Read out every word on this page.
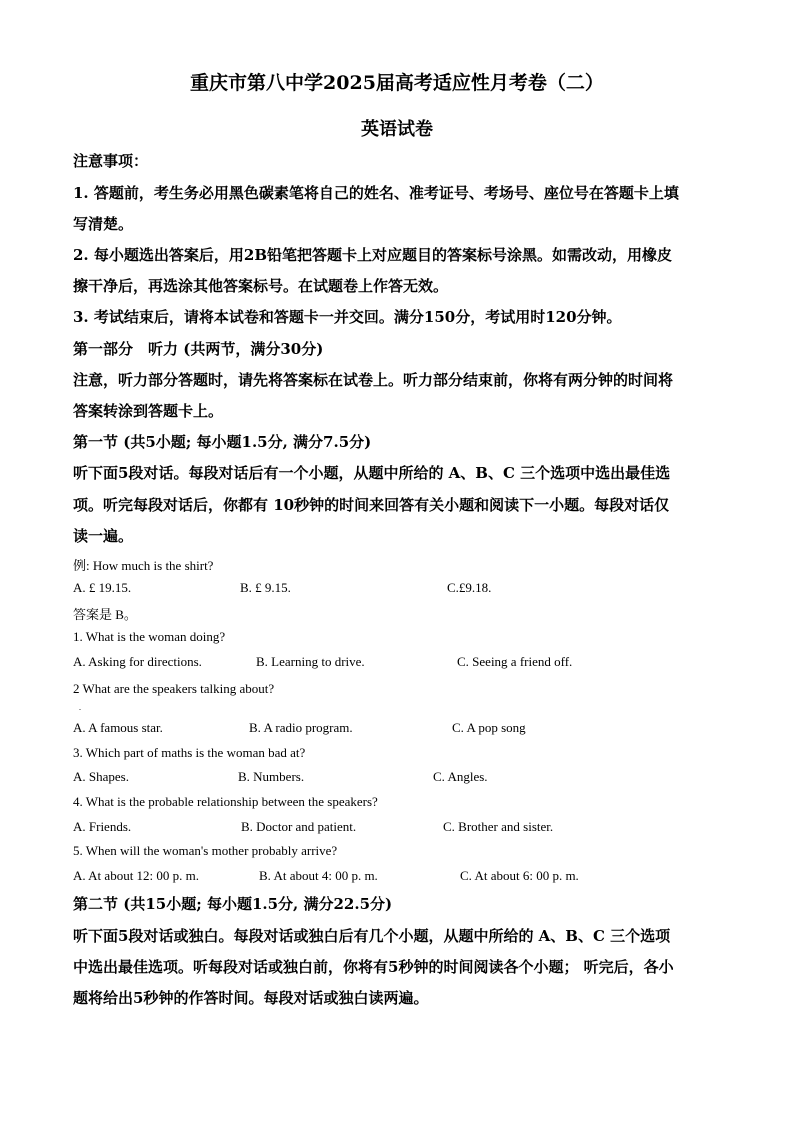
重庆市第八中学2025届高考适应性月考卷（二）
英语试卷
注意事项：
1. 答题前，考生务必用黑色碳素笔将自己的姓名、准考证号、考场号、座位号在答题卡上填
写清楚。
2. 每小题选出答案后，用2B铅笔把答题卡上对应题目的答案标号涂黑。如需改动，用橡皮
擦干净后，再选涂其他答案标号。在试题卷上作答无效。
3. 考试结束后，请将本试卷和答题卡一并交回。满分150分，考试用时120分钟。
第一部分　听力 (共两节，满分30分)
注意，听力部分答题时，请先将答案标在试卷上。听力部分结束前，你将有两分钟的时间将
答案转涂到答题卡上。
第一节 (共5小题; 每小题1.5分, 满分7.5分)
听下面5段对话。每段对话后有一个小题，从题中所给的 A、B、C 三个选项中选出最佳选
项。听完每段对话后，你都有 10秒钟的时间来回答有关小题和阅读下一小题。每段对话仅
读一遍。
例: How much is the shirt?
A. £ 19.15.	B. £ 9.15.	C.£9.18.
答案是 B。
1. What is the woman doing?
A. Asking for directions.	B. Learning to drive.	C. Seeing a friend off.
2 What are the speakers talking about?
.
A. A famous star.	B. A radio program.	C. A pop song
3. Which part of maths is the woman bad at?
A. Shapes.	B. Numbers.	C. Angles.
4. What is the probable relationship between the speakers?
A. Friends.	B. Doctor and patient.	C. Brother and sister.
5. When will the woman's mother probably arrive?
A. At about 12: 00 p. m.	B. At about 4: 00 p. m.	C. At about 6: 00 p. m.
第二节 (共15小题; 每小题1.5分, 满分22.5分)
听下面5段对话或独白。每段对话或独白后有几个小题，从题中所给的 A、B、C 三个选项
中选出最佳选项。听每段对话或独白前，你将有5秒钟的时间阅读各个小题； 听完后，各小
题将给出5秒钟的作答时间。每段对话或独白读两遍。
